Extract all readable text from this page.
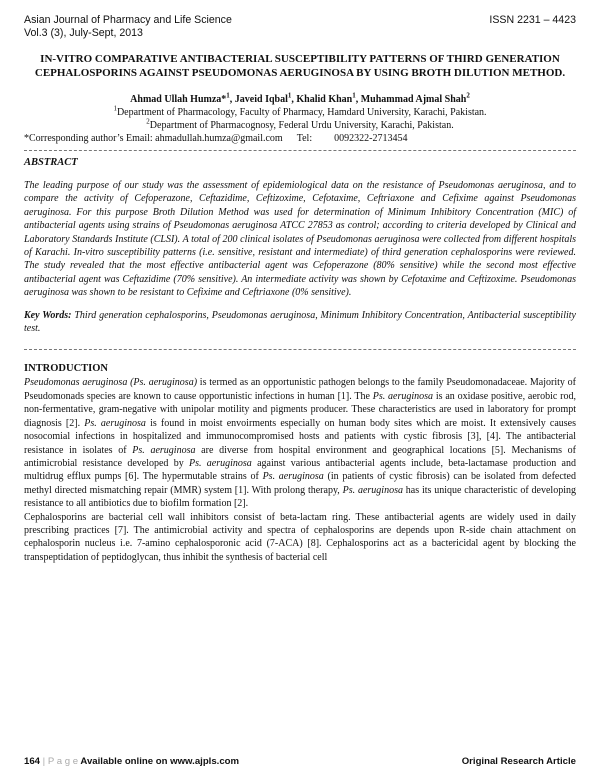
Asian Journal of Pharmacy and Life Science
Vol.3 (3), July-Sept, 2013
ISSN 2231 – 4423
IN-VITRO COMPARATIVE ANTIBACTERIAL SUSCEPTIBILITY PATTERNS OF THIRD GENERATION CEPHALOSPORINS AGAINST PSEUDOMONAS AERUGINOSA BY USING BROTH DILUTION METHOD.
Ahmad Ullah Humza*$^1$, Javeid Iqbal$^1$, Khalid Khan$^1$, Muhammad Ajmal Shah$^2$
$^1$Department of Pharmacology, Faculty of Pharmacy, Hamdard University, Karachi, Pakistan.
$^2$Department of Pharmacognosy, Federal Urdu University, Karachi, Pakistan.
*Corresponding author’s Email: ahmadullah.humza@gmail.com Tel: 0092322-2713454
ABSTRACT
The leading purpose of our study was the assessment of epidemiological data on the resistance of Pseudomonas aeruginosa, and to compare the activity of Cefoperazone, Ceftazidime, Ceftizoxime, Cefotaxime, Ceftriaxone and Cefixime against Pseudomonas aeruginosa. For this purpose Broth Dilution Method was used for determination of Minimum Inhibitory Concentration (MIC) of antibacterial agents using strains of Pseudomonas aeruginosa ATCC 27853 as control; according to criteria developed by Clinical and Laboratory Standards Institute (CLSI). A total of 200 clinical isolates of Pseudomonas aeruginosa were collected from different hospitals of Karachi. In-vitro susceptibility patterns (i.e. sensitive, resistant and intermediate) of third generation cephalosporins were reviewed. The study revealed that the most effective antibacterial agent was Cefoperazone (80% sensitive) while the second most effective antibacterial agent was Ceftazidime (70% sensitive). An intermediate activity was shown by Cefotaxime and Ceftizoxime. Pseudomonas aeruginosa was shown to be resistant to Cefixime and Ceftriaxone (0% sensitive).
Key Words: Third generation cephalosporins, Pseudomonas aeruginosa, Minimum Inhibitory Concentration, Antibacterial susceptibility test.
INTRODUCTION

Pseudomonas aeruginosa (Ps. aeruginosa) is termed as an opportunistic pathogen belongs to the family Pseudomonadaceae. Majority of Pseudomonads species are known to cause opportunistic infections in human [1]. The Ps. aeruginosa is an oxidase positive, aerobic rod, non-fermentative, gram-negative with unipolar motility and pigments producer. These characteristics are used in laboratory for prompt diagnosis [2]. Ps. aeruginosa is found in moist envoirments especially on human body sites which are moist. It extensively causes nosocomial infections in hospitalized and immunocompromised hosts and patients with cystic fibrosis [3], [4]. The antibacterial resistance in isolates of Ps. aeruginosa are diverse from hospital environment and geographical locations [5]. Mechanisms of antimicrobial resistance developed by Ps. aeruginosa against various antibacterial agents include, beta-lactamase production and multidrug efflux pumps [6]. The hypermutable strains of Ps. aeruginosa (in patients of cystic fibrosis) can be isolated from defected methyl directed mismatching repair (MMR) system [1]. With prolong therapy, Ps. aeruginosa has its unique characteristic of developing resistance to all antibiotics due to biofilm formation [2].

Cephalosporins are bacterial cell wall inhibitors consist of beta-lactam ring. These antibacterial agents are widely used in daily prescribing practices [7]. The antimicrobial activity and spectra of cephalosporins are depends upon R-side chain attachment on cephalosporin nucleus i.e. 7-amino cephalosporonic acid (7-ACA) [8]. Cephalosporins act as a bactericidal agent by blocking the transpeptidation of peptidoglycan, thus inhibit the synthesis of bacterial cell

164 | P a g e Available online on www.ajpls.com	Original Research Article
